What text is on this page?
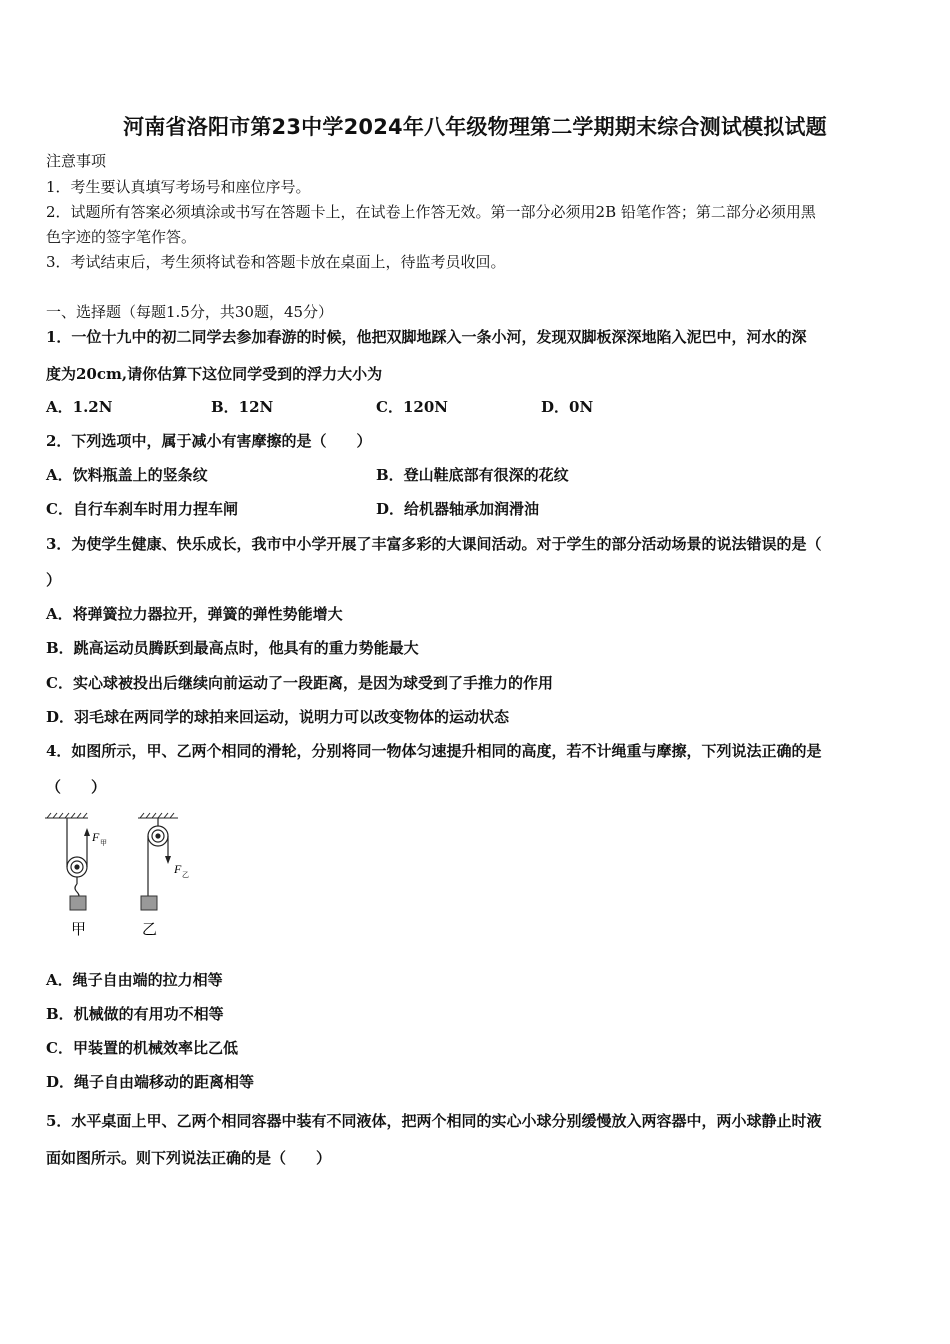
河南省洛阳市第23中学2024年八年级物理第二学期期末综合测试模拟试题
注意事项
1．考生要认真填写考场号和座位序号。
2．试题所有答案必须填涂或书写在答题卡上，在试卷上作答无效。第一部分必须用2B 铅笔作答；第二部分必须用黑
色字迹的签字笔作答。
3．考试结束后，考生须将试卷和答题卡放在桌面上，待监考员收回。
一、选择题（每题1.5分，共30题，45分）
1．一位十九中的初二同学去参加春游的时候，他把双脚地踩入一条小河，发现双脚板深深地陷入泥巴中，河水的深
度为20cm,请你估算下这位同学受到的浮力大小为
A．1.2N	B．12N	C．120N	D．0N
2．下列选项中，属于减小有害摩擦的是（　　）
A．饮料瓶盖上的竖条纹	B．登山鞋底部有很深的花纹
C．自行车刹车时用力捏车闸	D．给机器轴承加润滑油
3．为使学生健康、快乐成长，我市中小学开展了丰富多彩的大课间活动。对于学生的部分活动场景的说法错误的是（
）
A．将弹簧拉力器拉开，弹簧的弹性势能增大
B．跳高运动员腾跃到最高点时，他具有的重力势能最大
C．实心球被投出后继续向前运动了一段距离，是因为球受到了手推力的作用
D．羽毛球在两同学的球拍来回运动，说明力可以改变物体的运动状态
4．如图所示，甲、乙两个相同的滑轮，分别将同一物体匀速提升相同的高度，若不计绳重与摩擦，下列说法正确的是
（　　）
F 甲
F 乙
甲	乙
A．绳子自由端的拉力相等
B．机械做的有用功不相等
C．甲装置的机械效率比乙低
D．绳子自由端移动的距离相等
5．水平桌面上甲、乙两个相同容器中装有不同液体，把两个相同的实心小球分别缓慢放入两容器中，两小球静止时液
面如图所示。则下列说法正确的是（　　）
